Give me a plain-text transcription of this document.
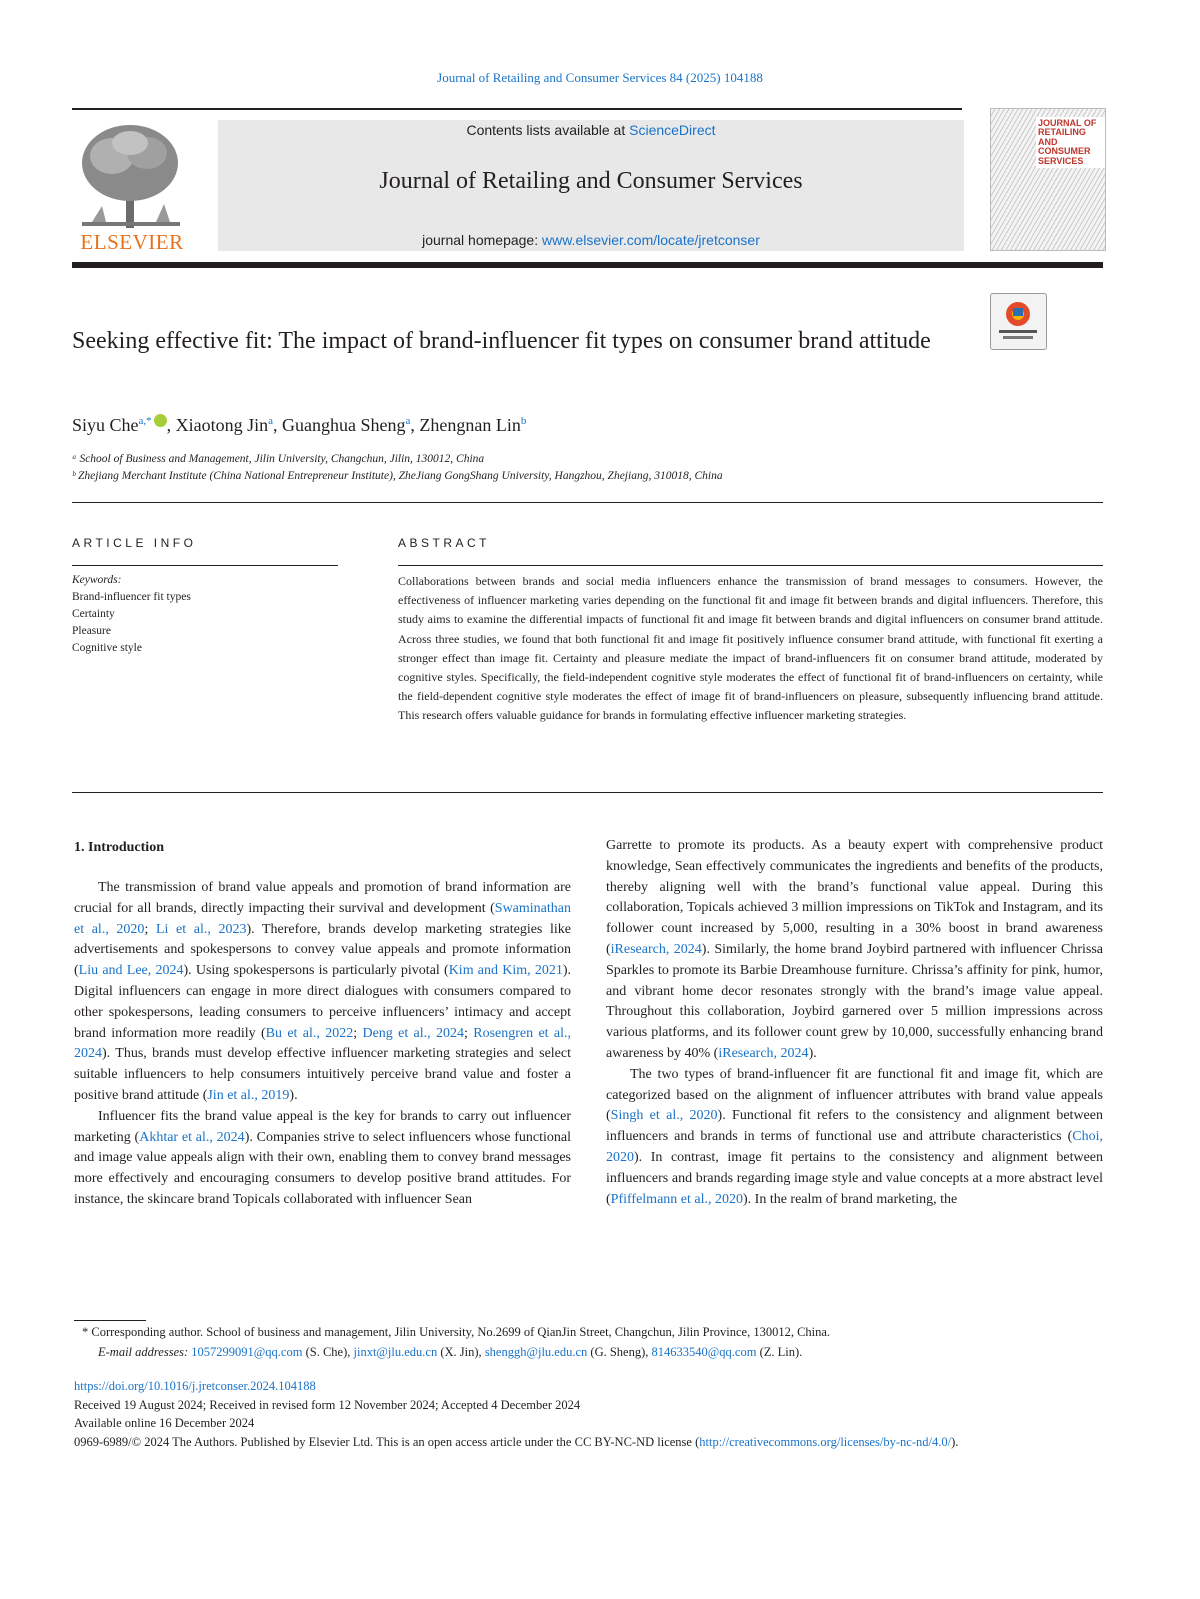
Journal of Retailing and Consumer Services 84 (2025) 104188
ELSEVIER
Contents lists available at ScienceDirect
Journal of Retailing and Consumer Services
journal homepage: www.elsevier.com/locate/jretconser
JOURNAL OF RETAILING AND CONSUMER SERVICES
Seeking effective fit: The impact of brand-influencer fit types on consumer brand attitude
Siyu Che$^{a,*}$ , Xiaotong Jin$^a$, Guanghua Sheng$^a$, Zhengnan Lin$^b$
ᵃ School of Business and Management, Jilin University, Changchun, Jilin, 130012, China
ᵇ Zhejiang Merchant Institute (China National Entrepreneur Institute), ZheJiang GongShang University, Hangzhou, Zhejiang, 310018, China
ARTICLE INFO	ABSTRACT
Keywords:
Brand-influencer fit types
Certainty
Pleasure
Cognitive style
Collaborations between brands and social media influencers enhance the transmission of brand messages to consumers. However, the effectiveness of influencer marketing varies depending on the functional fit and image fit between brands and digital influencers. Therefore, this study aims to examine the differential impacts of functional fit and image fit between brands and digital influencers on consumer brand attitude. Across three studies, we found that both functional fit and image fit positively influence consumer brand attitude, with functional fit exerting a stronger effect than image fit. Certainty and pleasure mediate the impact of brand-influencers fit on consumer brand attitude, moderated by cognitive styles. Specifically, the field-independent cognitive style moderates the effect of functional fit of brand-influencers on certainty, while the field-dependent cognitive style moderates the effect of image fit of brand-influencers on pleasure, subsequently influencing brand attitude. This research offers valuable guidance for brands in formulating effective influencer marketing strategies.
1. Introduction

The transmission of brand value appeals and promotion of brand information are crucial for all brands, directly impacting their survival and development (Swaminathan et al., 2020; Li et al., 2023). Therefore, brands develop marketing strategies like advertisements and spokespersons to convey value appeals and promote information (Liu and Lee, 2024). Using spokespersons is particularly pivotal (Kim and Kim, 2021). Digital influencers can engage in more direct dialogues with consumers compared to other spokespersons, leading consumers to perceive influencers’ intimacy and accept brand information more readily (Bu et al., 2022; Deng et al., 2024; Rosengren et al., 2024). Thus, brands must develop effective influencer marketing strategies and select suitable influencers to help consumers intuitively perceive brand value and foster a positive brand attitude (Jin et al., 2019).

Influencer fits the brand value appeal is the key for brands to carry out influencer marketing (Akhtar et al., 2024). Companies strive to select influencers whose functional and image value appeals align with their own, enabling them to convey brand messages more effectively and encouraging consumers to develop positive brand attitudes. For instance, the skincare brand Topicals collaborated with influencer Sean

Garrette to promote its products. As a beauty expert with comprehensive product knowledge, Sean effectively communicates the ingredients and benefits of the products, thereby aligning well with the brand’s functional value appeal. During this collaboration, Topicals achieved 3 million impressions on TikTok and Instagram, and its follower count increased by 5,000, resulting in a 30% boost in brand awareness (iResearch, 2024). Similarly, the home brand Joybird partnered with influencer Chrissa Sparkles to promote its Barbie Dreamhouse furniture. Chrissa’s affinity for pink, humor, and vibrant home decor resonates strongly with the brand’s image value appeal. Throughout this collaboration, Joybird garnered over 5 million impressions across various platforms, and its follower count grew by 10,000, successfully enhancing brand awareness by 40% (iResearch, 2024).

The two types of brand-influencer fit are functional fit and image fit, which are categorized based on the alignment of influencer attributes with brand value appeals (Singh et al., 2020). Functional fit refers to the consistency and alignment between influencers and brands in terms of functional use and attribute characteristics (Choi, 2020). In contrast, image fit pertains to the consistency and alignment between influencers and brands regarding image style and value concepts at a more abstract level (Pfiffelmann et al., 2020). In the realm of brand marketing, the

* Corresponding author. School of business and management, Jilin University, No.2699 of QianJin Street, Changchun, Jilin Province, 130012, China.
E-mail addresses: 1057299091@qq.com (S. Che), jinxt@jlu.edu.cn (X. Jin), shenggh@jlu.edu.cn (G. Sheng), 814633540@qq.com (Z. Lin).
https://doi.org/10.1016/j.jretconser.2024.104188
Received 19 August 2024; Received in revised form 12 November 2024; Accepted 4 December 2024
Available online 16 December 2024
0969-6989/© 2024 The Authors. Published by Elsevier Ltd. This is an open access article under the CC BY-NC-ND license (http://creativecommons.org/licenses/by-nc-nd/4.0/).
